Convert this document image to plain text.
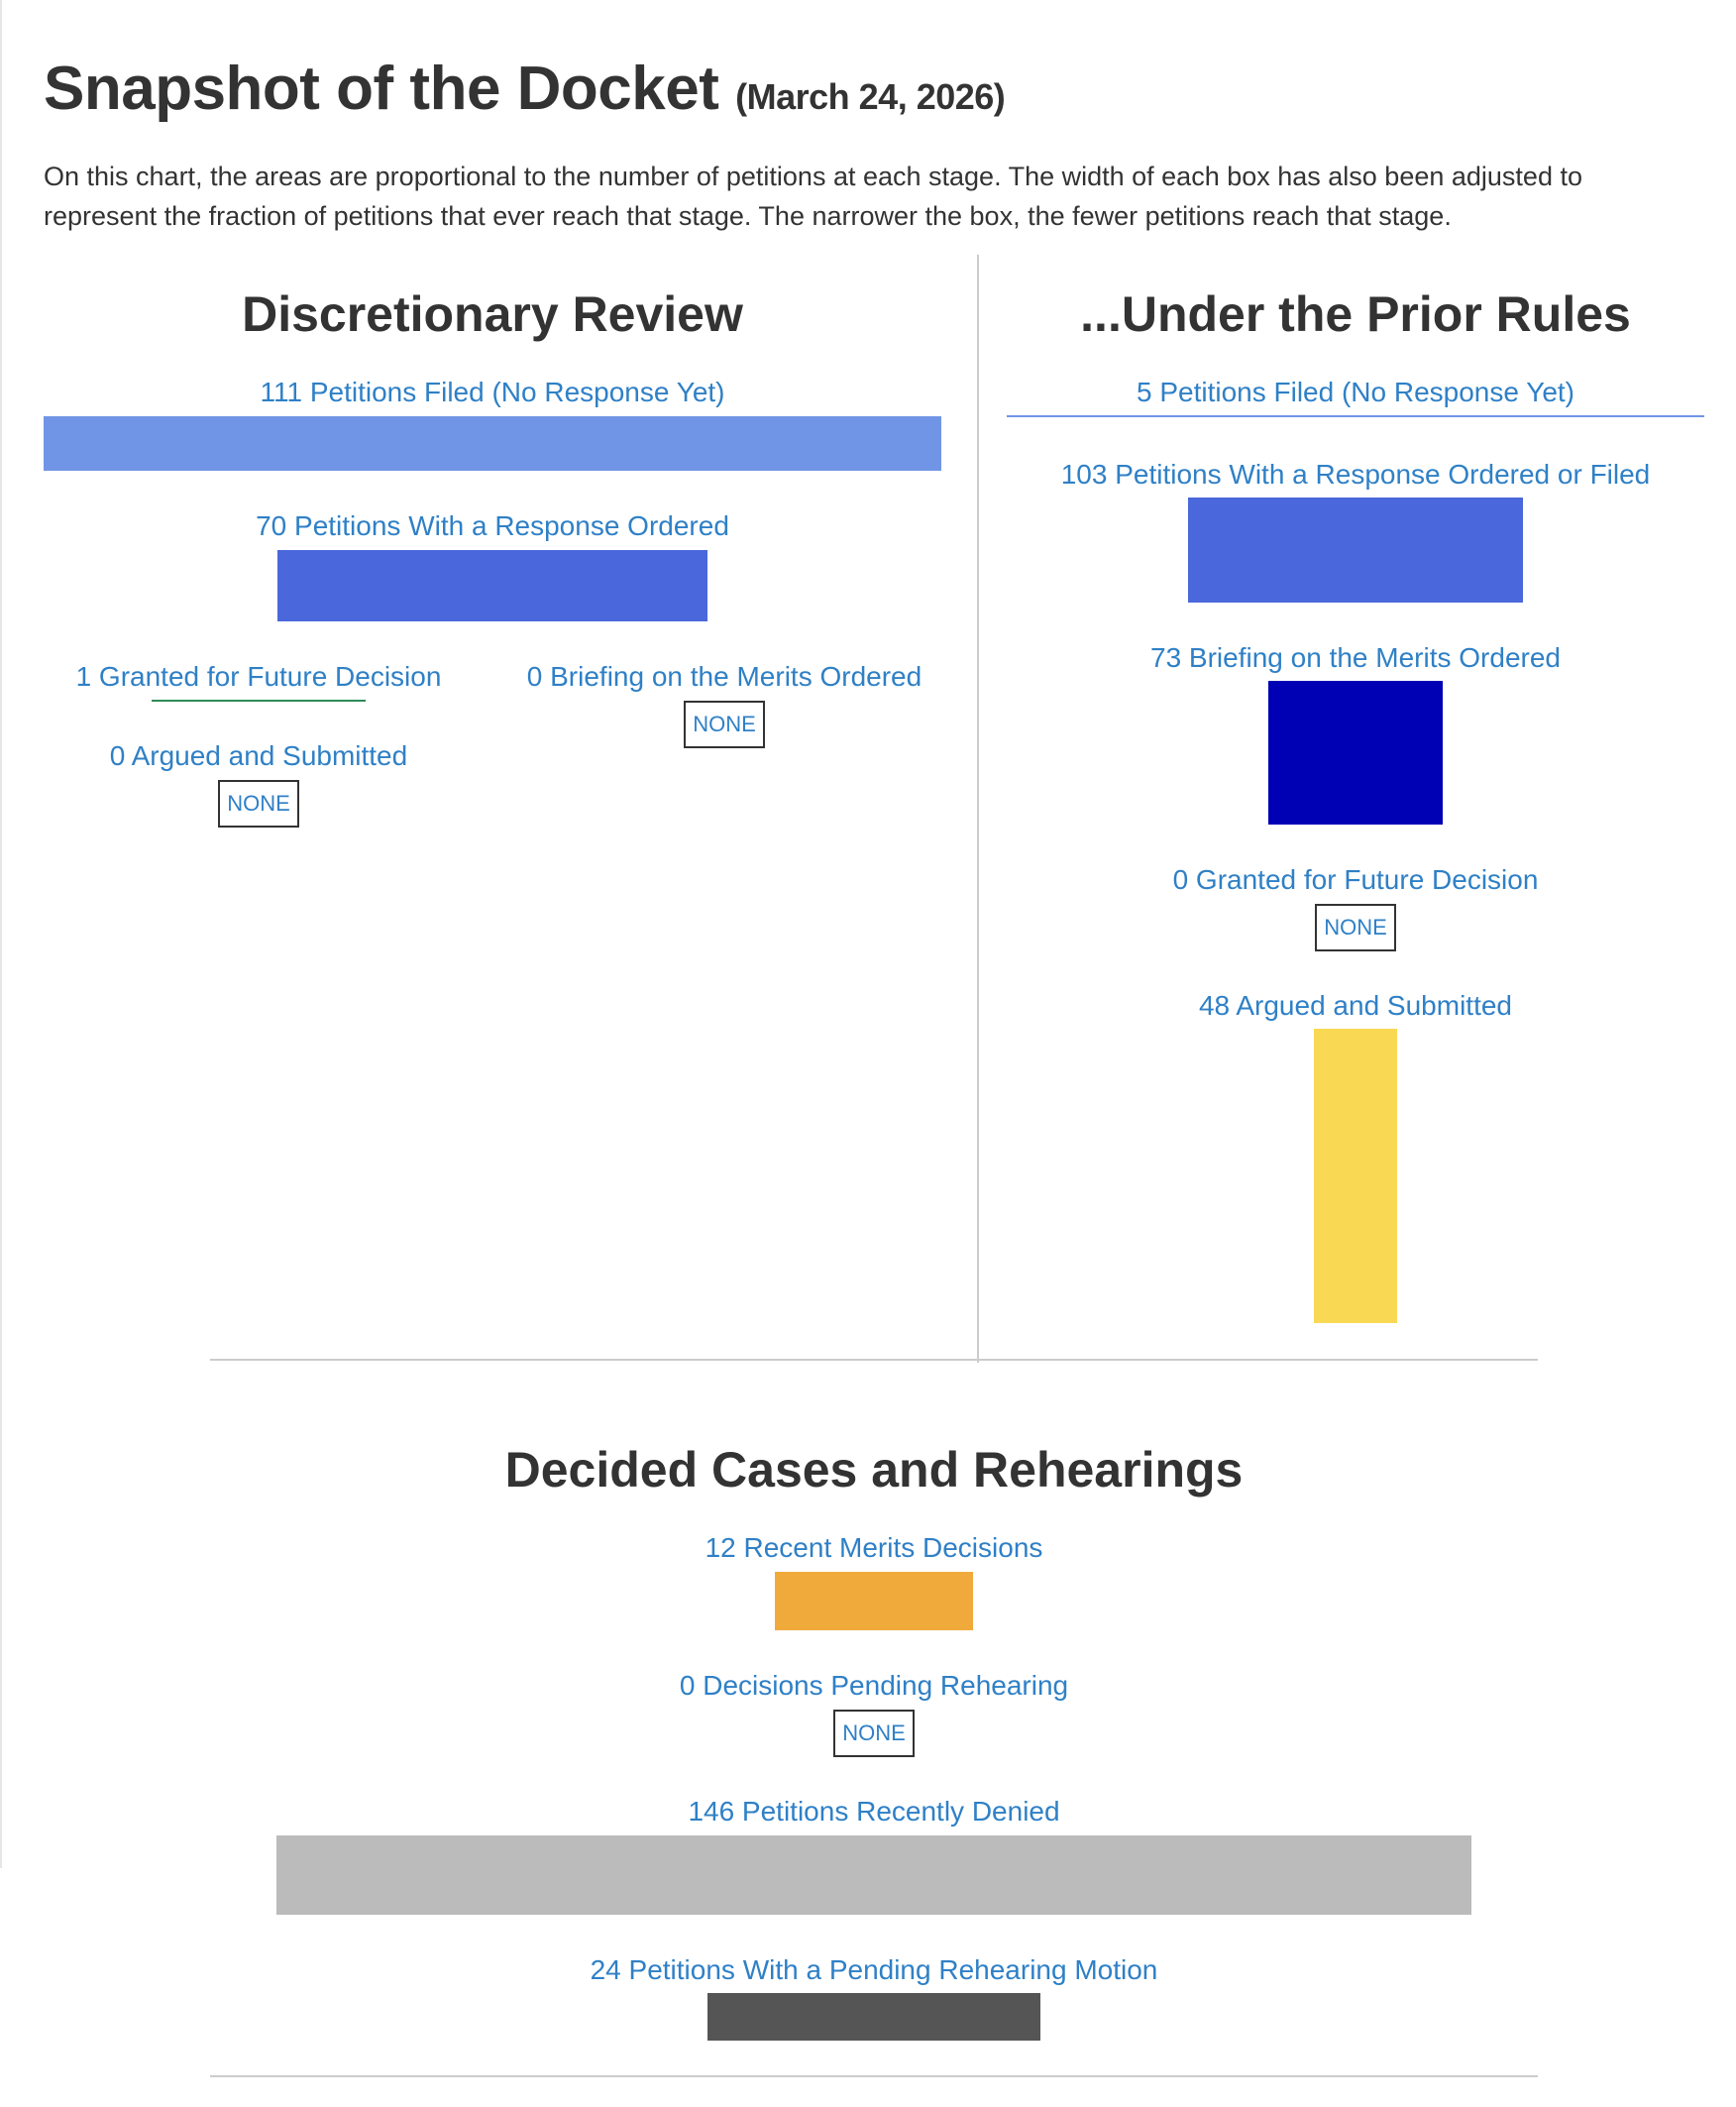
Snapshot of the Docket (March 24, 2026)

On this chart, the areas are proportional to the number of petitions at each stage. The width of each box has also been adjusted to represent the fraction of petitions that ever reach that stage. The narrower the box, the fewer petitions reach that stage.

Discretionary Review
111 Petitions Filed (No Response Yet)
70 Petitions With a Response Ordered
1 Granted for Future Decision	0 Briefing on the Merits Ordered
NONE
0 Argued and Submitted
NONE
...Under the Prior Rules
5 Petitions Filed (No Response Yet)
103 Petitions With a Response Ordered or Filed
73 Briefing on the Merits Ordered
0 Granted for Future Decision
NONE
48 Argued and Submitted
Decided Cases and Rehearings
12 Recent Merits Decisions
0 Decisions Pending Rehearing
NONE
146 Petitions Recently Denied
24 Petitions With a Pending Rehearing Motion
